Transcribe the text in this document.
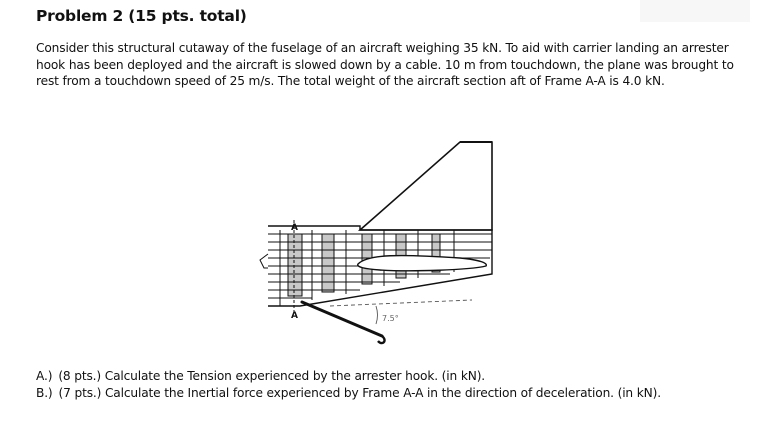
Problem 2 (15 pts. total)
Consider this structural cutaway of the fuselage of an aircraft weighing 35 kN. To aid with carrier landing an arrester hook has been deployed and the aircraft is slowed down by a cable. 10 m from touchdown, the plane was brought to rest from a touchdown speed of 25 m/s. The total weight of the aircraft section aft of Frame A-A is 4.0 kN.
A
A	7.5°
A.) (8 pts.) Calculate the Tension experienced by the arrester hook. (in kN).
B.) (7 pts.) Calculate the Inertial force experienced by Frame A-A in the direction of deceleration. (in kN).
